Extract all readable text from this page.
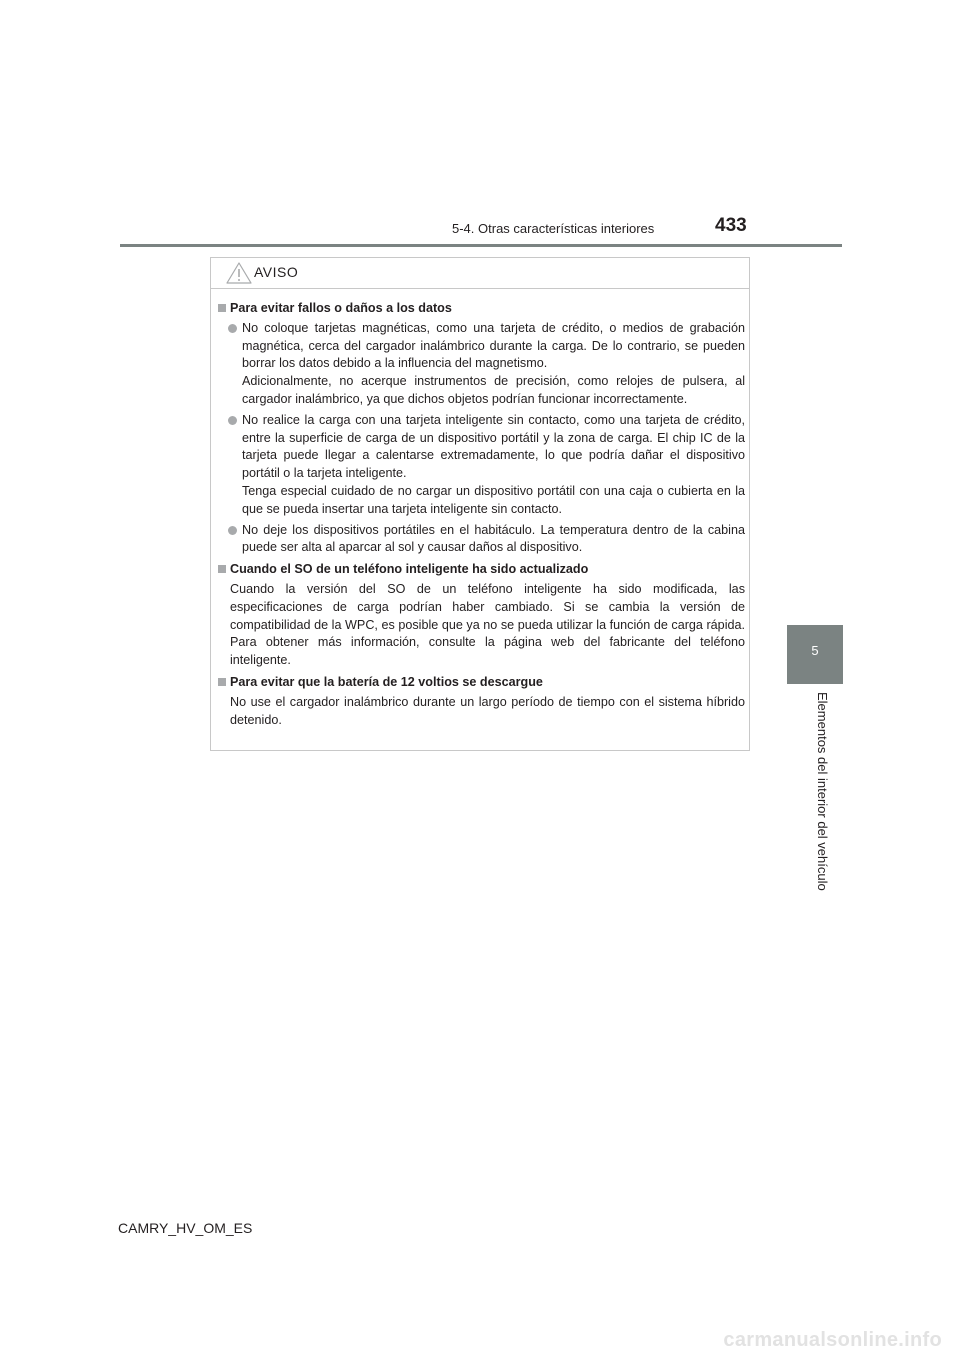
5-4. Otras características interiores	433
5
Elementos del interior del vehículo
AVISO
Para evitar fallos o daños a los datos
No coloque tarjetas magnéticas, como una tarjeta de crédito, o medios de grabación magnética, cerca del cargador inalámbrico durante la carga. De lo contrario, se pueden borrar los datos debido a la influencia del magnetismo.
Adicionalmente, no acerque instrumentos de precisión, como relojes de pulsera, al cargador inalámbrico, ya que dichos objetos podrían funcionar incorrectamente.
No realice la carga con una tarjeta inteligente sin contacto, como una tarjeta de crédito, entre la superficie de carga de un dispositivo portátil y la zona de carga. El chip IC de la tarjeta puede llegar a calentarse extremadamente, lo que podría dañar el dispositivo portátil o la tarjeta inteligente.
Tenga especial cuidado de no cargar un dispositivo portátil con una caja o cubierta en la que se pueda insertar una tarjeta inteligente sin contacto.
No deje los dispositivos portátiles en el habitáculo. La temperatura dentro de la cabina puede ser alta al aparcar al sol y causar daños al dispositivo.
Cuando el SO de un teléfono inteligente ha sido actualizado
Cuando la versión del SO de un teléfono inteligente ha sido modificada, las especificaciones de carga podrían haber cambiado. Si se cambia la versión de compatibilidad de la WPC, es posible que ya no se pueda utilizar la función de carga rápida. Para obtener más información, consulte la página web del fabricante del teléfono inteligente.
Para evitar que la batería de 12 voltios se descargue
No use el cargador inalámbrico durante un largo período de tiempo con el sistema híbrido detenido.
CAMRY_HV_OM_ES
carmanualsonline.info
